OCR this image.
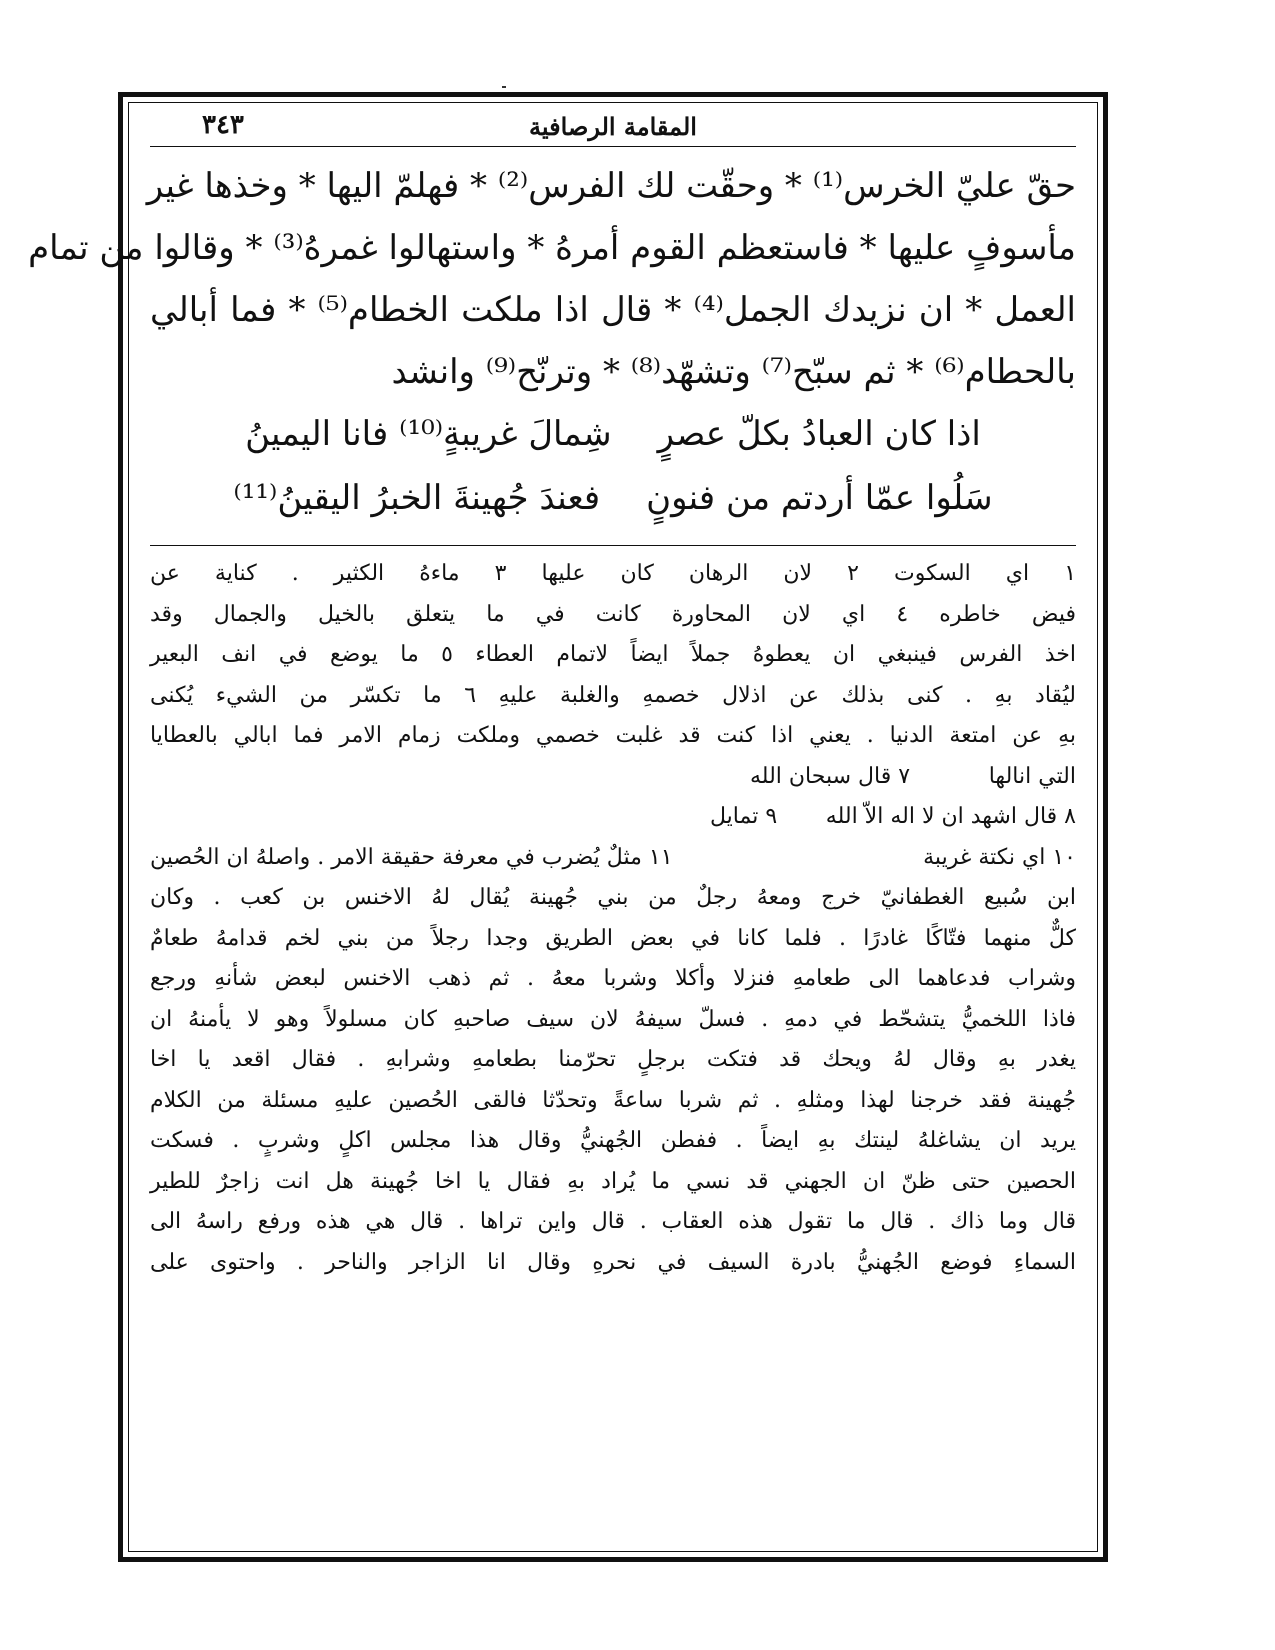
المقامة الرصافية
٣٤٣
حقّ عليّ الخرس⁽¹⁾ * وحقّت لك الفرس⁽²⁾ * فهلمّ اليها * وخذها غير
مأسوفٍ عليها * فاستعظم القوم أمرهُ * واستهالوا غمرهُ⁽³⁾ * وقالوا من تمام
العمل * ان نزيدك الجمل⁽⁴⁾ * قال اذا ملكت الخطام⁽⁵⁾ * فما أبالي
بالحطام⁽⁶⁾ * ثم سبّح⁽⁷⁾ وتشهّد⁽⁸⁾ * وترنّح⁽⁹⁾ وانشد
اذا كان العبادُ بكلّ عصرٍ
شِمالَ غريبةٍ⁽¹⁰⁾ فانا اليمينُ
سَلُوا عمّا أردتم من فنونٍ
فعندَ جُهينةَ الخبرُ اليقينُ⁽¹¹⁾
١ اي السكوت ٢ لان الرهان كان عليها ٣ ماءهُ الكثير . كناية عن
فيض خاطره ٤ اي لان المحاورة كانت في ما يتعلق بالخيل والجمال وقد
اخذ الفرس فينبغي ان يعطوهُ جملاً ايضاً لاتمام العطاء ٥ ما يوضع في انف البعير
ليُقاد بهِ . كنى بذلك عن اذلال خصمهِ والغلبة عليهِ ٦ ما تكسّر من الشيء يُكنى
بهِ عن امتعة الدنيا . يعني اذا كنت قد غلبت خصمي وملكت زمام الامر فما ابالي بالعطايا
التي انالها
٧ قال سبحان الله
٨ قال اشهد ان لا اله الاّ الله
٩ تمايل
١٠ اي نكتة غريبة
١١ مثلٌ يُضرب في معرفة حقيقة الامر . واصلهُ ان الحُصين
ابن سُبيع الغطفانيّ خرج ومعهُ رجلٌ من بني جُهينة يُقال لهُ الاخنس بن كعب . وكان
كلٌّ منهما فتّاكًا غادرًا . فلما كانا في بعض الطريق وجدا رجلاً من بني لخم قدامهُ طعامٌ
وشراب فدعاهما الى طعامهِ فنزلا وأكلا وشربا معهُ . ثم ذهب الاخنس لبعض شأنهِ ورجع
فاذا اللخميُّ يتشحّط في دمهِ . فسلّ سيفهُ لان سيف صاحبهِ كان مسلولاً وهو لا يأمنهُ ان
يغدر بهِ وقال لهُ ويحك قد فتكت برجلٍ تحرّمنا بطعامهِ وشرابهِ . فقال اقعد يا اخا
جُهينة فقد خرجنا لهذا ومثلهِ . ثم شربا ساعةً وتحدّثا فالقى الحُصين عليهِ مسئلة من الكلام
يريد ان يشاغلهُ لينتك بهِ ايضاً . ففطن الجُهنيُّ وقال هذا مجلس اكلٍ وشربٍ . فسكت
الحصين حتى ظنّ ان الجهني قد نسي ما يُراد بهِ فقال يا اخا جُهينة هل انت زاجرٌ للطير
قال وما ذاك . قال ما تقول هذه العقاب . قال واين تراها . قال هي هذه ورفع راسهُ الى
السماءِ فوضع الجُهنيُّ بادرة السيف في نحرهِ وقال انا الزاجر والناحر . واحتوى على
